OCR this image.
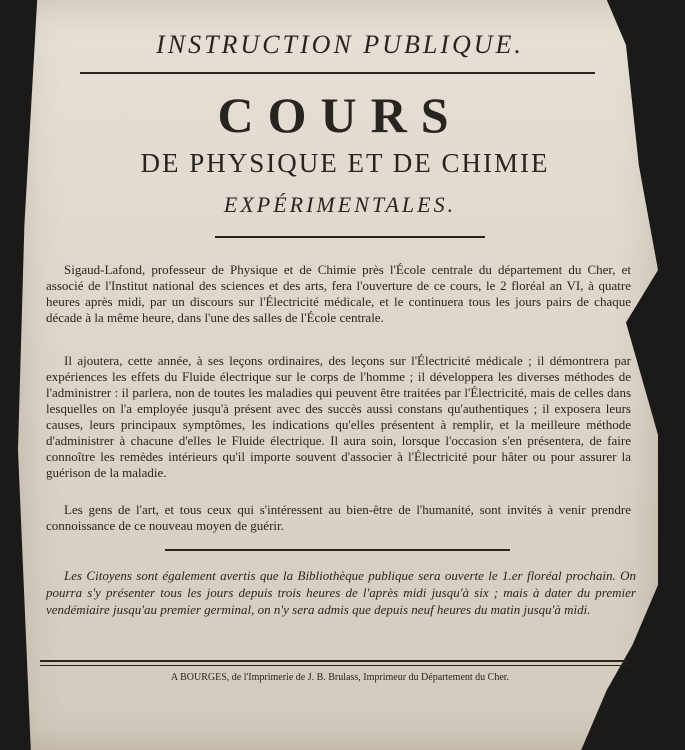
INSTRUCTION PUBLIQUE.
COURS
DE PHYSIQUE ET DE CHIMIE
EXPÉRIMENTALES.
Sigaud-Lafond, professeur de Physique et de Chimie près l'École centrale du département du Cher, et associé de l'Institut national des sciences et des arts, fera l'ouverture de ce cours, le 2 floréal an VI, à quatre heures après midi, par un discours sur l'Électricité médicale, et le continuera tous les jours pairs de chaque décade à la même heure, dans l'une des salles de l'École centrale.
Il ajoutera, cette année, à ses leçons ordinaires, des leçons sur l'Électricité médicale ; il démontrera par expériences les effets du Fluide électrique sur le corps de l'homme ; il développera les diverses méthodes de l'administrer : il parlera, non de toutes les maladies qui peuvent être traitées par l'Électricité, mais de celles dans lesquelles on l'a employée jusqu'à présent avec des succès aussi constans qu'authentiques ; il exposera leurs causes, leurs principaux symptômes, les indications qu'elles présentent à remplir, et la meilleure méthode d'administrer à chacune d'elles le Fluide électrique. Il aura soin, lorsque l'occasion s'en présentera, de faire connoître les remèdes intérieurs qu'il importe souvent d'associer à l'Électricité pour hâter ou pour assurer la guérison de la maladie.
Les gens de l'art, et tous ceux qui s'intéressent au bien-être de l'humanité, sont invités à venir prendre connoissance de ce nouveau moyen de guérir.
Les Citoyens sont également avertis que la Bibliothèque publique sera ouverte le 1.er floréal prochain. On pourra s'y présenter tous les jours depuis trois heures de l'après midi jusqu'à six ; mais à dater du premier vendémiaire jusqu'au premier germinal, on n'y sera admis que depuis neuf heures du matin jusqu'à midi.
A BOURGES, de l'Imprimerie de J. B. Brulass, Imprimeur du Département du Cher.
